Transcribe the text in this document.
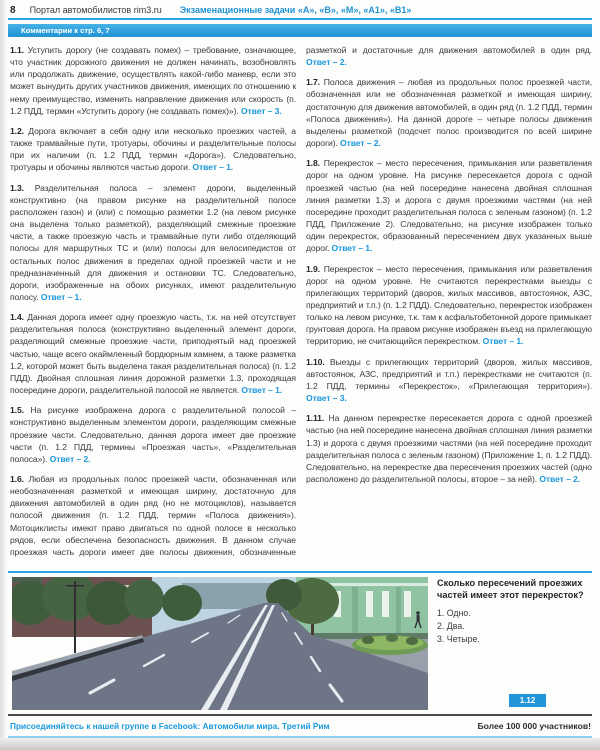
8 Портал автомобилистов rim3.ru Экзаменационные задачи «А», «В», «М», «А1», «В1»
Комментарии к стр. 6, 7

1.1. Уступить дорогу (не создавать помех) – требование, означающее, что участник дорожного движения не должен начинать, возобновлять или продолжать движение, осуществлять какой-либо маневр, если это может вынудить других участников движения, имеющих по отношению к нему преимущество, изменить направление движения или скорость (п. 1.2 ПДД, термин «Уступить дорогу (не создавать помех)»). Ответ – 3.

1.2. Дорога включает в себя одну или несколько проезжих частей, а также трамвайные пути, тротуары, обочины и разделительные полосы при их наличии (п. 1.2 ПДД, термин «Дорога»). Следовательно, тротуары и обочины являются частью дороги. Ответ – 1.

1.3. Разделительная полоса – элемент дороги, выделенный конструктивно (на правом рисунке на разделительной полосе расположен газон) и (или) с помощью разметки 1.2 (на левом рисунке она выделена только разметкой), разделяющий смежные проезжие части, а также проезжую часть и трамвайные пути либо отделяющий полосы для маршрутных ТС и (или) полосы для велосипедистов от остальных полос движения в пределах одной проезжей части и не предназначенный для движения и остановки ТС. Следовательно, дороги, изображенные на обоих рисунках, имеют разделительную полосу. Ответ – 1.

1.4. Данная дорога имеет одну проезжую часть, т.к. на ней отсутствует разделительная полоса (конструктивно выделенный элемент дороги, разделяющий смежные проезжие части, приподнятый над проезжей частью, чаще всего окаймленный бордюрным камнем, а также разметка 1.2, которой может быть выделена такая разделительная полоса) (п. 1.2 ПДД). Двойная сплошная линия дорожной разметки 1.3, проходящая посередине дороги, разделительной полосой не является. Ответ – 1.

1.5. На рисунке изображена дорога с разделительной полосой – конструктивно выделенным элементом дороги, разделяющим смежные проезжие части. Следовательно, данная дорога имеет две проезжие части (п. 1.2 ПДД, термины «Проезжая часть», «Разделительная полоса»). Ответ – 2.

1.6. Любая из продольных полос проезжей части, обозначенная или необозначенная разметкой и имеющая ширину, достаточную для движения автомобилей в один ряд (но не мотоциклов), называется полосой движения (п. 1.2 ПДД, термин «Полоса движения»). Мотоциклисты имеют право двигаться по одной полосе в несколько рядов, если обеспечена безопасность движения. В данном случае проезжая часть дороги имеет две полосы движения, обозначенные разметкой и достаточные для движения автомобилей в один ряд. Ответ – 2.

1.7. Полоса движения – любая из продольных полос проезжей части, обозначенная или не обозначенная разметкой и имеющая ширину, достаточную для движения автомобилей, в один ряд (п. 1.2 ПДД, термин «Полоса движения»). На данной дороге – четыре полосы движения выделены разметкой (подсчет полос производится по всей ширине дороги). Ответ – 2.

1.8. Перекресток – место пересечения, примыкания или разветвления дорог на одном уровне. На рисунке пересекается дорога с одной проезжей частью (на ней посередине нанесена двойная сплошная линия разметки 1.3) и дорога с двумя проезжими частями (на ней посередине проходит разделительная полоса с зеленым газоном) (п. 1.2 ПДД, Приложение 2). Следовательно, на рисунке изображен только один перекресток, образованный пересечением двух указанных выше дорог. Ответ – 1.

1.9. Перекресток – место пересечения, примыкания или разветвления дорог на одном уровне. Не считаются перекрестками выезды с прилегающих территорий (дворов, жилых массивов, автостоянок, АЗС, предприятий и т.п.) (п. 1.2 ПДД). Следовательно, перекресток изображен только на левом рисунке, т.к. там к асфальтобетонной дороге примыкает грунтовая дорога. На правом рисунке изображен въезд на прилегающую территорию, не считающийся перекрестком. Ответ – 1.

1.10. Выезды с прилегающих территорий (дворов, жилых массивов, автостоянок, АЗС, предприятий и т.п.) перекрестками не считаются (п. 1.2 ПДД, термины «Перекресток», «Прилегающая территория»). Ответ – 3.

1.11. На данном перекрестке пересекается дорога с одной проезжей частью (на ней посередине нанесена двойная сплошная линия разметки 1.3) и дорога с двумя проезжими частями (на ней посередине проходит разделительная полоса с зеленым газоном) (Приложение 1, п. 1.2 ПДД). Следовательно, на перекрестке два пересечения проезжих частей (одно расположено до разделительной полосы, второе – за ней). Ответ – 2.

Сколько пересечений проезжих частей имеет этот перекресток?
1. Одно.
2. Два.
3. Четыре.
1.12
Присоединяйтесь к нашей группе в Facebook: Автомобили мира. Третий Рим	Более 100 000 участников!
